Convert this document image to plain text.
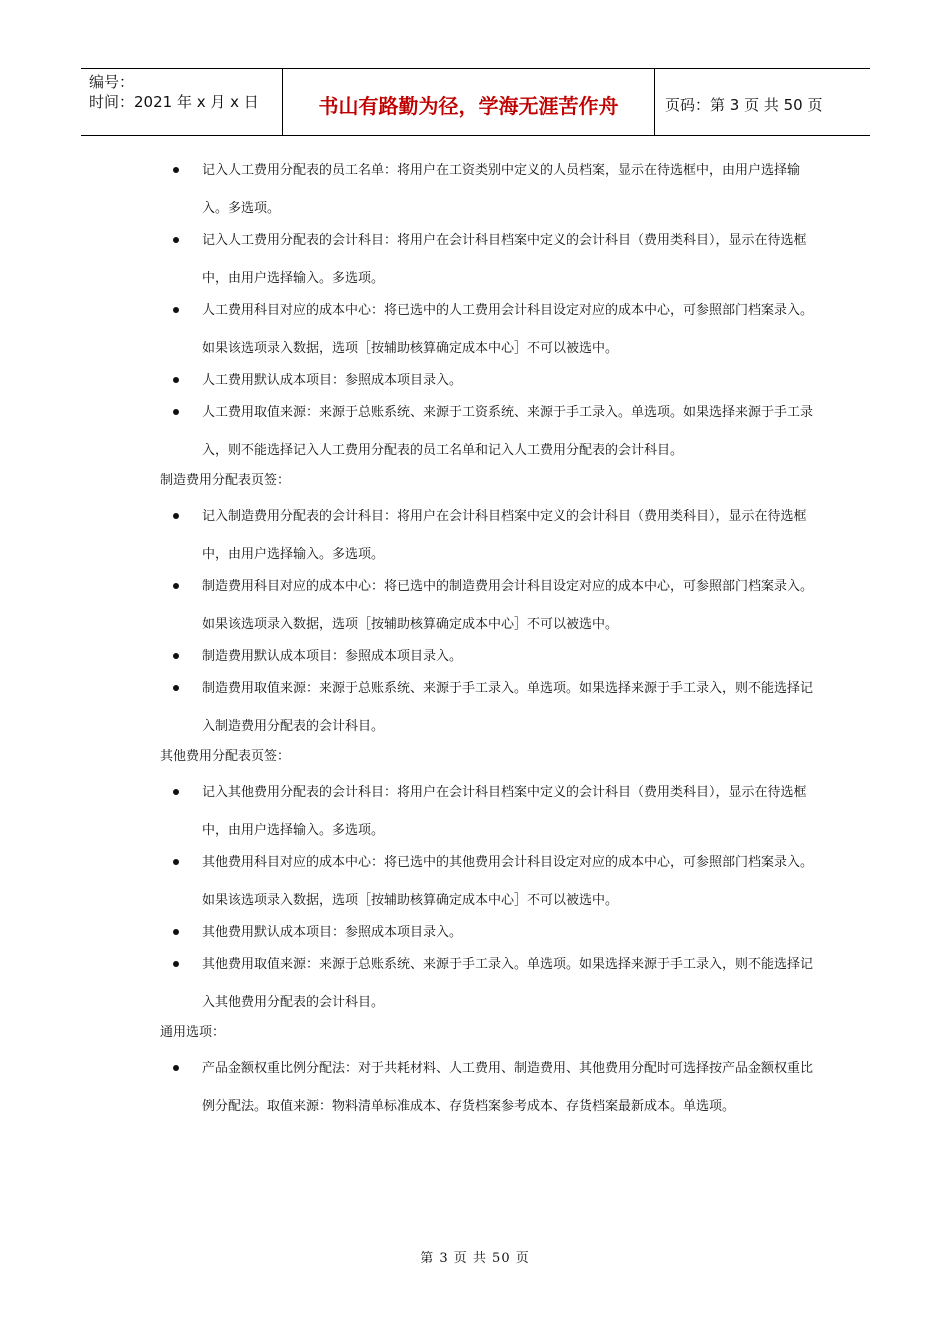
编号：
时间：2021 年 x 月 x 日	书山有路勤为径，学海无涯苦作舟	页码：第 3 页 共 50 页
记入人工费用分配表的员工名单：将用户在工资类别中定义的人员档案，显示在待选框中，由用户选择输入。多选项。
记入人工费用分配表的会计科目：将用户在会计科目档案中定义的会计科目（费用类科目），显示在待选框中，由用户选择输入。多选项。
人工费用科目对应的成本中心：将已选中的人工费用会计科目设定对应的成本中心，可参照部门档案录入。如果该选项录入数据，选项［按辅助核算确定成本中心］不可以被选中。
人工费用默认成本项目：参照成本项目录入。
人工费用取值来源：来源于总账系统、来源于工资系统、来源于手工录入。单选项。如果选择来源于手工录入，则不能选择记入人工费用分配表的员工名单和记入人工费用分配表的会计科目。
制造费用分配表页签：
记入制造费用分配表的会计科目：将用户在会计科目档案中定义的会计科目（费用类科目），显示在待选框中，由用户选择输入。多选项。
制造费用科目对应的成本中心：将已选中的制造费用会计科目设定对应的成本中心，可参照部门档案录入。如果该选项录入数据，选项［按辅助核算确定成本中心］不可以被选中。
制造费用默认成本项目：参照成本项目录入。
制造费用取值来源：来源于总账系统、来源于手工录入。单选项。如果选择来源于手工录入，则不能选择记入制造费用分配表的会计科目。
其他费用分配表页签：
记入其他费用分配表的会计科目：将用户在会计科目档案中定义的会计科目（费用类科目），显示在待选框中，由用户选择输入。多选项。
其他费用科目对应的成本中心：将已选中的其他费用会计科目设定对应的成本中心，可参照部门档案录入。如果该选项录入数据，选项［按辅助核算确定成本中心］不可以被选中。
其他费用默认成本项目：参照成本项目录入。
其他费用取值来源：来源于总账系统、来源于手工录入。单选项。如果选择来源于手工录入，则不能选择记入其他费用分配表的会计科目。
通用选项：
产品金额权重比例分配法：对于共耗材料、人工费用、制造费用、其他费用分配时可选择按产品金额权重比例分配法。取值来源：物料清单标准成本、存货档案参考成本、存货档案最新成本。单选项。
第 3 页 共 50 页
